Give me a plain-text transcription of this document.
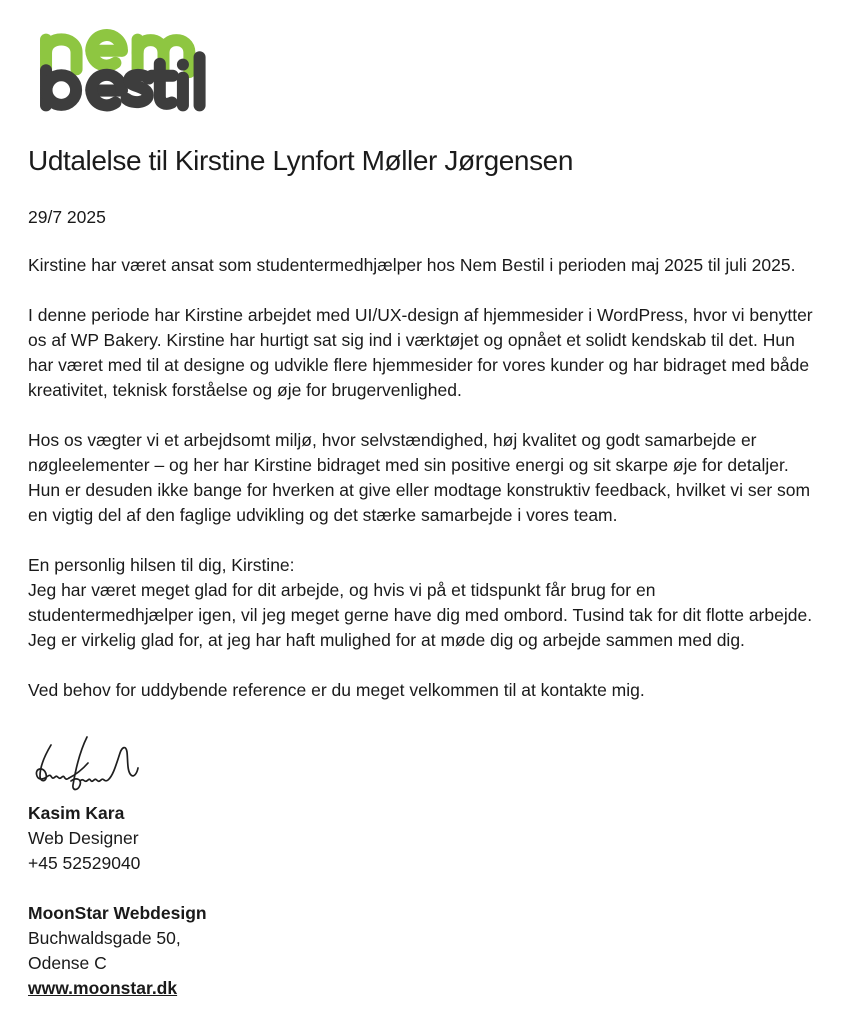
Udtalelse til Kirstine Lynfort Møller Jørgensen

29/7 2025

Kirstine har været ansat som studentermedhjælper hos Nem Bestil i perioden maj 2025 til juli 2025.

I denne periode har Kirstine arbejdet med UI/UX-design af hjemmesider i WordPress, hvor vi benytter os af WP Bakery. Kirstine har hurtigt sat sig ind i værktøjet og opnået et solidt kendskab til det. Hun har været med til at designe og udvikle flere hjemmesider for vores kunder og har bidraget med både kreativitet, teknisk forståelse og øje for brugervenlighed.

Hos os vægter vi et arbejdsomt miljø, hvor selvstændighed, høj kvalitet og godt samarbejde er nøgleelementer – og her har Kirstine bidraget med sin positive energi og sit skarpe øje for detaljer. Hun er desuden ikke bange for hverken at give eller modtage konstruktiv feedback, hvilket vi ser som en vigtig del af den faglige udvikling og det stærke samarbejde i vores team.

En personlig hilsen til dig, Kirstine:

Jeg har været meget glad for dit arbejde, og hvis vi på et tidspunkt får brug for en studentermedhjælper igen, vil jeg meget gerne have dig med ombord. Tusind tak for dit flotte arbejde. Jeg er virkelig glad for, at jeg har haft mulighed for at møde dig og arbejde sammen med dig.

Ved behov for uddybende reference er du meget velkommen til at kontakte mig.

Kasim Kara

Web Designer

+45 52529040

MoonStar Webdesign

Buchwaldsgade 50,

Odense C

www.moonstar.dk
